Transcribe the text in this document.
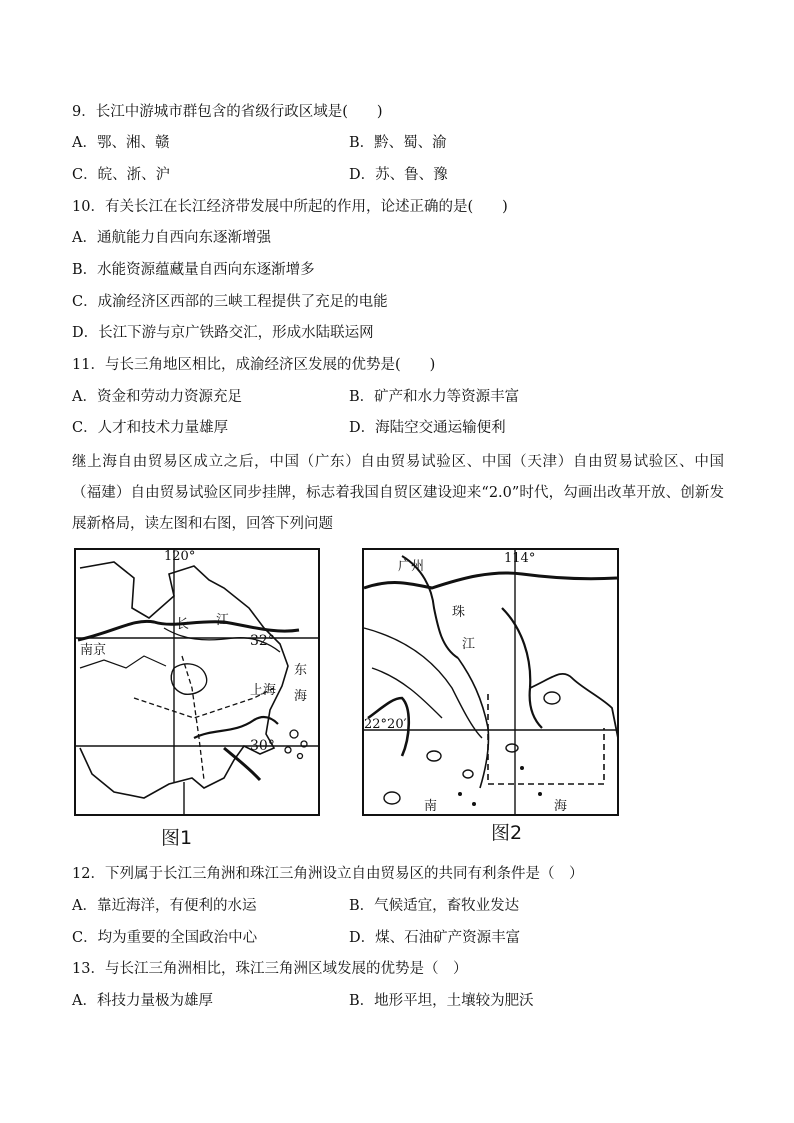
9．长江中游城市群包含的省级行政区域是(　　)
A．鄂、湘、赣	B．黔、蜀、渝
C．皖、浙、沪	D．苏、鲁、豫
10．有关长江在长江经济带发展中所起的作用，论述正确的是(　　)
A．通航能力自西向东逐渐增强
B．水能资源蕴藏量自西向东逐渐增多
C．成渝经济区西部的三峡工程提供了充足的电能
D．长江下游与京广铁路交汇，形成水陆联运网
11．与长三角地区相比，成渝经济区发展的优势是(　　)
A．资金和劳动力资源充足	B．矿产和水力等资源丰富
C．人才和技术力量雄厚	D．海陆空交通运输便利
继上海自由贸易区成立之后，中国（广东）自由贸易试验区、中国（天津）自由贸易试验区、中国（福建）自由贸易试验区同步挂牌，标志着我国自贸区建设迎来“2.0”时代，勾画出改革开放、创新发展新格局，读左图和右图，回答下列问题
120°
长 江
南京
上海
东
海
32°
30°
图1
广州
114°
珠
江
22°20′
南	海
图2
12．下列属于长江三角洲和珠江三角洲设立自由贸易区的共同有利条件是（　）
A．靠近海洋，有便利的水运	B．气候适宜，畜牧业发达
C．均为重要的全国政治中心	D．煤、石油矿产资源丰富
13．与长江三角洲相比，珠江三角洲区域发展的优势是（　）
A．科技力量极为雄厚	B．地形平坦，土壤较为肥沃
